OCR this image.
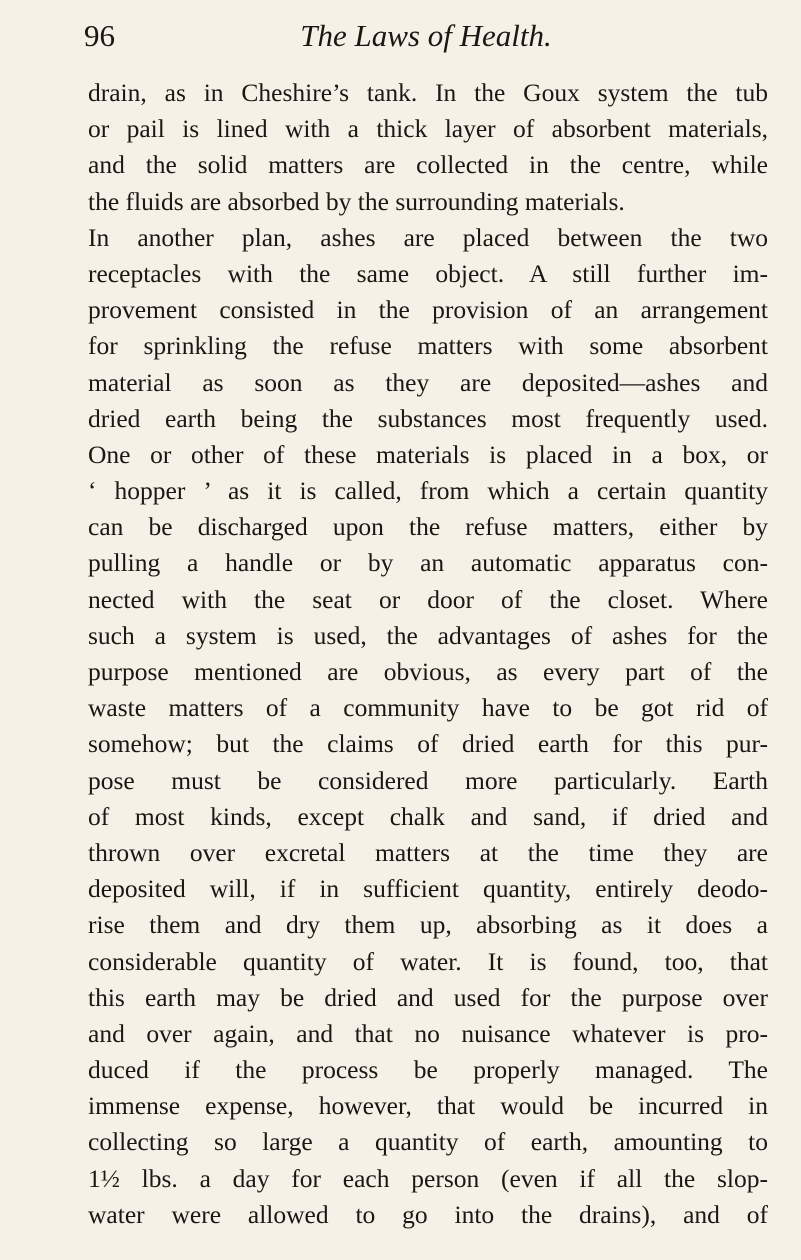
96	The Laws of Health.
drain, as in Cheshire’s tank. In the Goux system the tub
or pail is lined with a thick layer of absorbent materials,
and the solid matters are collected in the centre, while
the fluids are absorbed by the surrounding materials.
In another plan, ashes are placed between the two
receptacles with the same object. A still further im-
provement consisted in the provision of an arrangement
for sprinkling the refuse matters with some absorbent
material as soon as they are deposited—ashes and
dried earth being the substances most frequently used.
One or other of these materials is placed in a box, or
‘ hopper ’ as it is called, from which a certain quantity
can be discharged upon the refuse matters, either by
pulling a handle or by an automatic apparatus con-
nected with the seat or door of the closet. Where
such a system is used, the advantages of ashes for the
purpose mentioned are obvious, as every part of the
waste matters of a community have to be got rid of
somehow; but the claims of dried earth for this pur-
pose must be considered more particularly. Earth
of most kinds, except chalk and sand, if dried and
thrown over excretal matters at the time they are
deposited will, if in sufficient quantity, entirely deodo-
rise them and dry them up, absorbing as it does a
considerable quantity of water. It is found, too, that
this earth may be dried and used for the purpose over
and over again, and that no nuisance whatever is pro-
duced if the process be properly managed. The
immense expense, however, that would be incurred in
collecting so large a quantity of earth, amounting to
1½ lbs. a day for each person (even if all the slop-
water were allowed to go into the drains), and of
